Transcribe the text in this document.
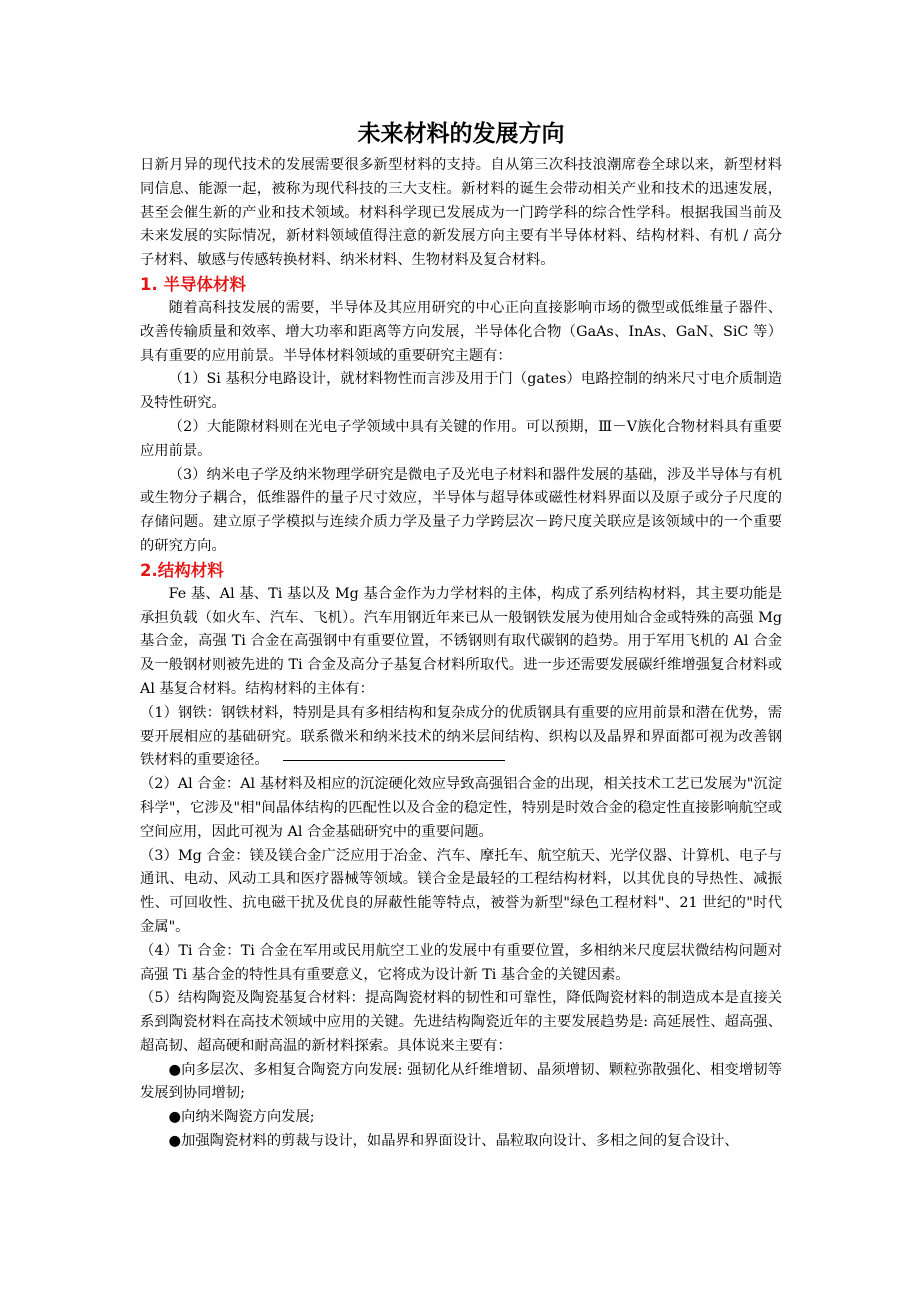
未来材料的发展方向

日新月异的现代技术的发展需要很多新型材料的支持。自从第三次科技浪潮席卷全球以来，新型材料同信息、能源一起，被称为现代科技的三大支柱。新材料的诞生会带动相关产业和技术的迅速发展，甚至会催生新的产业和技术领域。材料科学现已发展成为一门跨学科的综合性学科。根据我国当前及未来发展的实际情况，新材料领域值得注意的新发展方向主要有半导体材料、结构材料、有机 / 高分子材料、敏感与传感转换材料、纳米材料、生物材料及复合材料。

1. 半导体材料

随着高科技发展的需要，半导体及其应用研究的中心正向直接影响市场的微型或低维量子器件、改善传输质量和效率、增大功率和距离等方向发展，半导体化合物（GaAs、InAs、GaN、SiC 等）具有重要的应用前景。半导体材料领域的重要研究主题有：

（1）Si 基积分电路设计，就材料物性而言涉及用于门（gates）电路控制的纳米尺寸电介质制造及特性研究。

（2）大能隙材料则在光电子学领域中具有关键的作用。可以预期，Ⅲ－Ⅴ族化合物材料具有重要应用前景。

（3）纳米电子学及纳米物理学研究是微电子及光电子材料和器件发展的基础，涉及半导体与有机或生物分子耦合，低维器件的量子尺寸效应，半导体与超导体或磁性材料界面以及原子或分子尺度的存储问题。建立原子学模拟与连续介质力学及量子力学跨层次－跨尺度关联应是该领域中的一个重要的研究方向。

2.结构材料

Fe 基、Al 基、Ti 基以及 Mg 基合金作为力学材料的主体，构成了系列结构材料，其主要功能是承担负载（如火车、汽车、飞机）。汽车用钢近年来已从一般钢铁发展为使用灿合金或特殊的高强 Mg 基合金，高强 Ti 合金在高强钢中有重要位置，不锈钢则有取代碳钢的趋势。用于军用飞机的 Al 合金及一般钢材则被先进的 Ti 合金及高分子基复合材料所取代。进一步还需要发展碳纤维增强复合材料或 Al 基复合材料。结构材料的主体有：

（1）钢铁：钢铁材料，特别是具有多相结构和复杂成分的优质钢具有重要的应用前景和潜在优势，需要开展相应的基础研究。联系微米和纳米技术的纳米层间结构、织构以及晶界和界面都可视为改善钢铁材料的重要途径。

（2）Al 合金：Al 基材料及相应的沉淀硬化效应导致高强铝合金的出现，相关技术工艺已发展为"沉淀科学"，它涉及"相"间晶体结构的匹配性以及合金的稳定性，特别是时效合金的稳定性直接影响航空或空间应用，因此可视为 Al 合金基础研究中的重要问题。

（3）Mg 合金：镁及镁合金广泛应用于冶金、汽车、摩托车、航空航天、光学仪器、计算机、电子与通讯、电动、风动工具和医疗器械等领域。镁合金是最轻的工程结构材料，以其优良的导热性、减振性、可回收性、抗电磁干扰及优良的屏蔽性能等特点，被誉为新型"绿色工程材料"、21 世纪的"时代金属"。

（4）Ti 合金：Ti 合金在军用或民用航空工业的发展中有重要位置，多相纳米尺度层状微结构问题对高强 Ti 基合金的特性具有重要意义，它将成为设计新 Ti 基合金的关键因素。

（5）结构陶瓷及陶瓷基复合材料：提高陶瓷材料的韧性和可靠性，降低陶瓷材料的制造成本是直接关系到陶瓷材料在高技术领域中应用的关键。先进结构陶瓷近年的主要发展趋势是: 高延展性、超高强、超高韧、超高硬和耐高温的新材料探索。具体说来主要有：

●向多层次、多相复合陶瓷方向发展: 强韧化从纤维增韧、晶须增韧、颗粒弥散强化、相变增韧等发展到协同增韧;

●向纳米陶瓷方向发展;

●加强陶瓷材料的剪裁与设计，如晶界和界面设计、晶粒取向设计、多相之间的复合设计、
